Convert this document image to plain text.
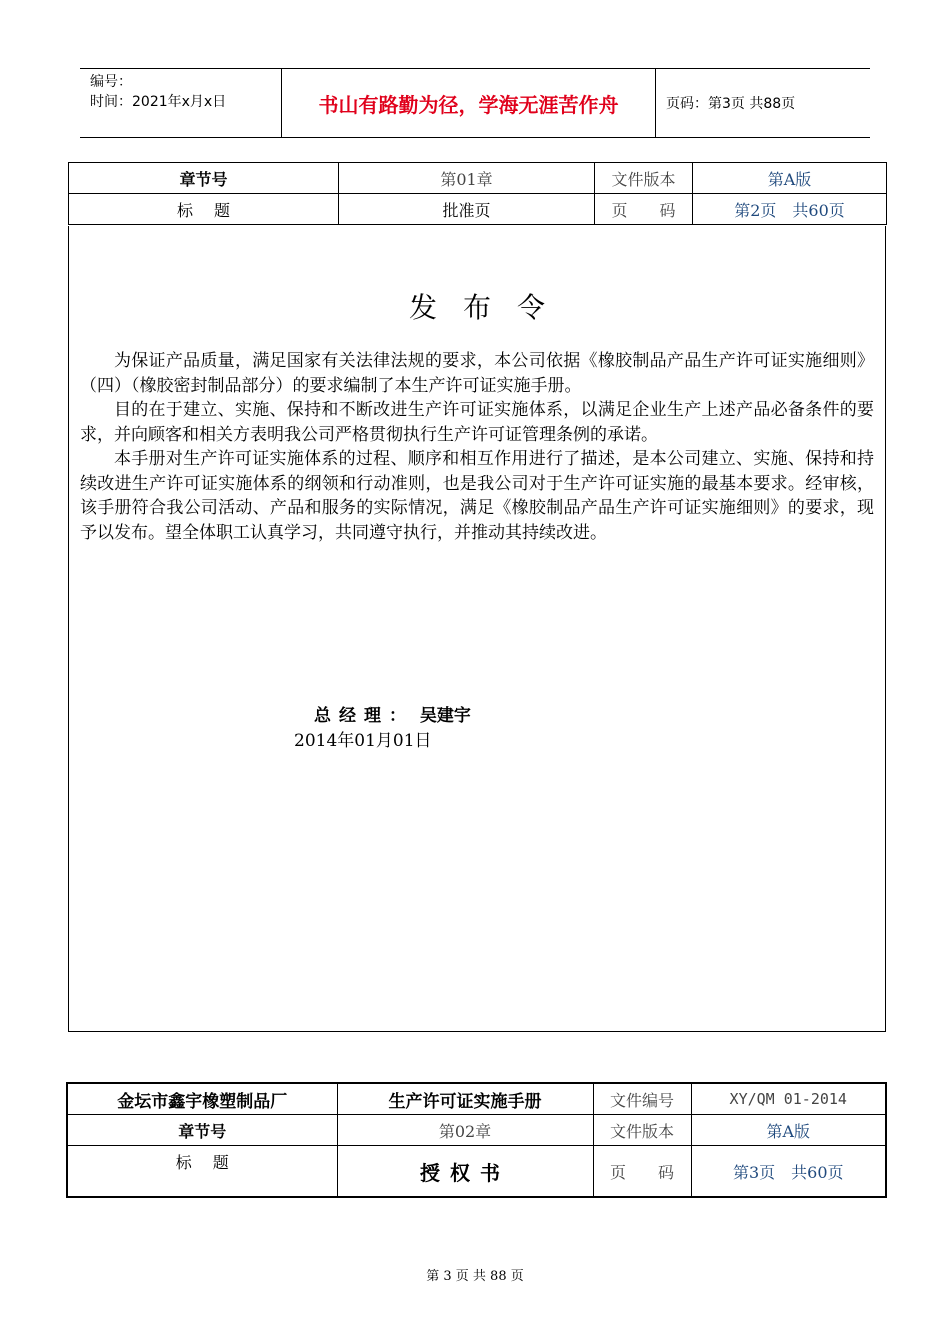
编号：
时间：2021年x月x日	书山有路勤为径，学海无涯苦作舟	页码：第3页 共88页
章节号	第01章	文件版本	第A版
标　 题	批准页	页　　码	第2页　共60页
发布令

为保证产品质量，满足国家有关法律法规的要求，本公司依据《橡胶制品产品生产许可证实施细则》（四）（橡胶密封制品部分）的要求编制了本生产许可证实施手册。

目的在于建立、实施、保持和不断改进生产许可证实施体系，以满足企业生产上述产品必备条件的要求，并向顾客和相关方表明我公司严格贯彻执行生产许可证管理条例的承诺。

本手册对生产许可证实施体系的过程、顺序和相互作用进行了描述，是本公司建立、实施、保持和持续改进生产许可证实施体系的纲领和行动准则，也是我公司对于生产许可证实施的最基本要求。经审核，该手册符合我公司活动、产品和服务的实际情况，满足《橡胶制品产品生产许可证实施细则》的要求，现予以发布。望全体职工认真学习，共同遵守执行，并推动其持续改进。

总经理： 吴建宇
2014年01月01日
金坛市鑫宇橡塑制品厂	生产许可证实施手册	文件编号	XY/QM 01-2014
章节号	第02章	文件版本	第A版
标　 题	授权书	页　　码	第3页　共60页
第 3 页 共 88 页
